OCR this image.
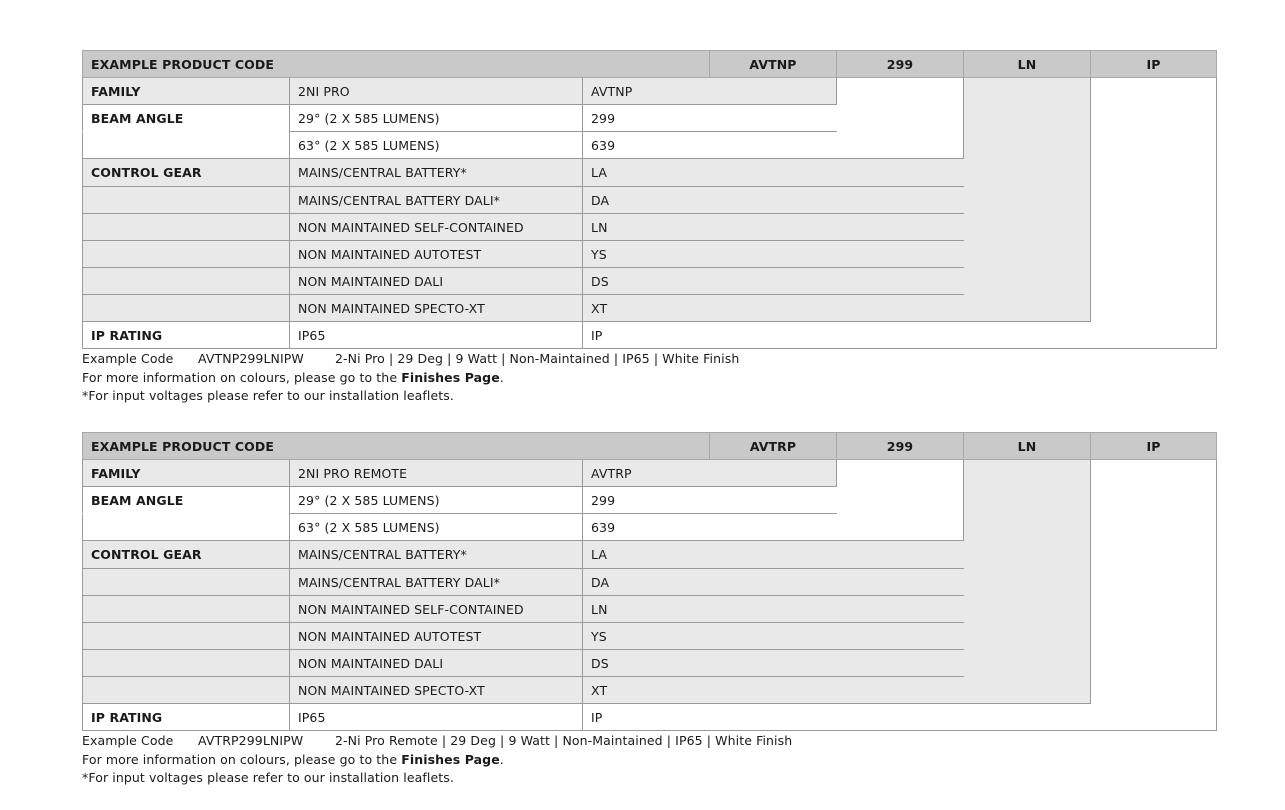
EXAMPLE PRODUCT CODE	AVTNP	299	LN	IP
FAMILY	2NI PRO	AVTNP
BEAM ANGLE	29° (2 X 585 LUMENS)	299
63° (2 X 585 LUMENS)	639
CONTROL GEAR	MAINS/CENTRAL BATTERY*	LA
MAINS/CENTRAL BATTERY DALI*	DA
NON MAINTAINED SELF-CONTAINED	LN
NON MAINTAINED AUTOTEST	YS
NON MAINTAINED DALI	DS
NON MAINTAINED SPECTO-XT	XT
IP RATING	IP65	IP
Example Code AVTNP299LNIPW 2-Ni Pro | 29 Deg | 9 Watt | Non-Maintained | IP65 | White Finish
For more information on colours, please go to the Finishes Page.
*For input voltages please refer to our installation leaflets.
EXAMPLE PRODUCT CODE	AVTRP	299	LN	IP
FAMILY	2NI PRO REMOTE	AVTRP
BEAM ANGLE	29° (2 X 585 LUMENS)	299
63° (2 X 585 LUMENS)	639
CONTROL GEAR	MAINS/CENTRAL BATTERY*	LA
MAINS/CENTRAL BATTERY DALI*	DA
NON MAINTAINED SELF-CONTAINED	LN
NON MAINTAINED AUTOTEST	YS
NON MAINTAINED DALI	DS
NON MAINTAINED SPECTO-XT	XT
IP RATING	IP65	IP
Example Code AVTRP299LNIPW	2-Ni Pro Remote | 29 Deg | 9 Watt | Non-Maintained | IP65 | White Finish
For more information on colours, please go to the Finishes Page.
*For input voltages please refer to our installation leaflets.
